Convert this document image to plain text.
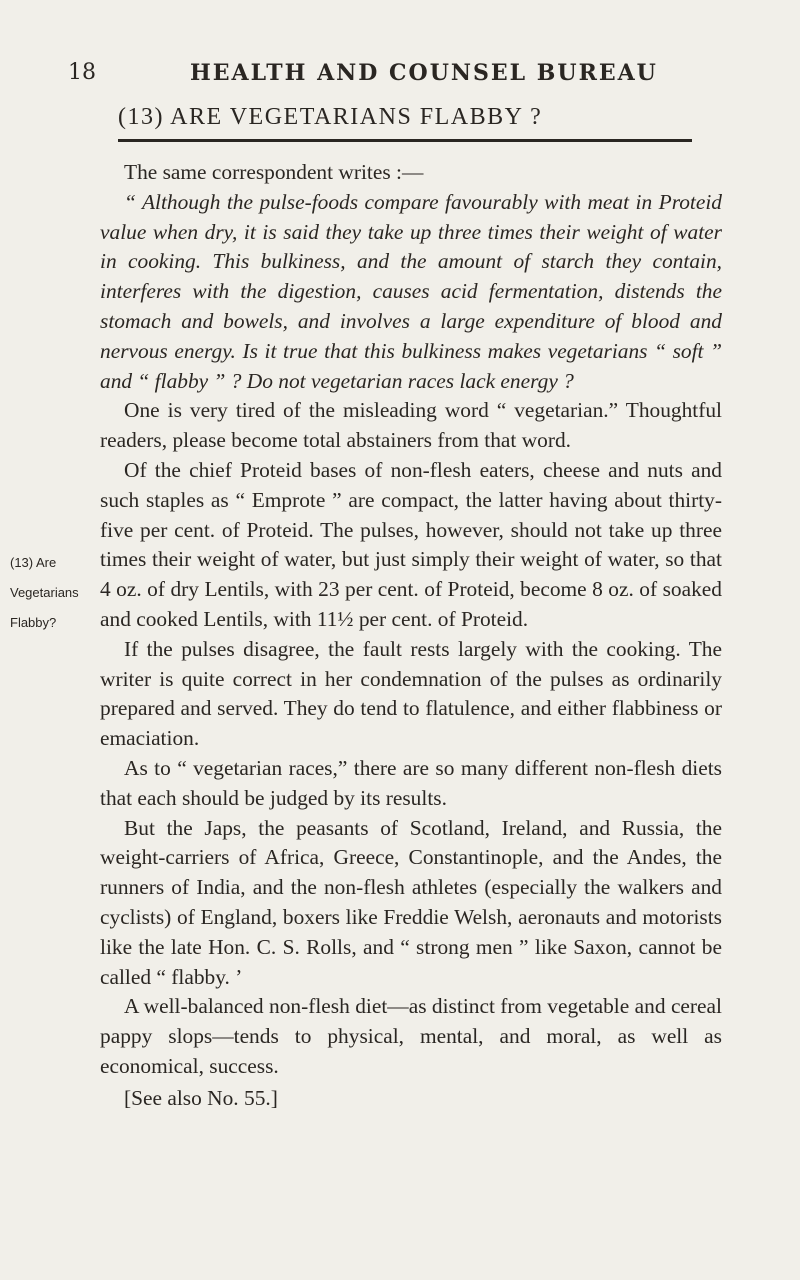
18	HEALTH AND COUNSEL BUREAU
(13) ARE VEGETARIANS FLABBY ?
(13) Are Vegetarians Flabby?

The same correspondent writes :—

“ Although the pulse-foods compare favourably with meat in Proteid value when dry, it is said they take up three times their weight of water in cooking. This bulkiness, and the amount of starch they contain, interferes with the digestion, causes acid fermentation, distends the stomach and bowels, and involves a large expenditure of blood and nervous energy. Is it true that this bulkiness makes vegetarians “ soft ” and “ flabby ” ? Do not vegetarian races lack energy ?

One is very tired of the misleading word “ vegetarian.” Thoughtful readers, please become total abstainers from that word.

Of the chief Proteid bases of non-flesh eaters, cheese and nuts and such staples as “ Emprote ” are compact, the latter having about thirty-five per cent. of Proteid. The pulses, however, should not take up three times their weight of water, but just simply their weight of water, so that 4 oz. of dry Lentils, with 23 per cent. of Proteid, become 8 oz. of soaked and cooked Lentils, with 11½ per cent. of Proteid.

If the pulses disagree, the fault rests largely with the cooking. The writer is quite correct in her condemnation of the pulses as ordinarily prepared and served. They do tend to flatulence, and either flabbiness or emaciation.

As to “ vegetarian races,” there are so many different non-flesh diets that each should be judged by its results.

But the Japs, the peasants of Scotland, Ireland, and Russia, the weight-carriers of Africa, Greece, Constantinople, and the Andes, the runners of India, and the non-flesh athletes (especially the walkers and cyclists) of England, boxers like Freddie Welsh, aeronauts and motorists like the late Hon. C. S. Rolls, and “ strong men ” like Saxon, cannot be called “ flabby. ’

A well-balanced non-flesh diet—as distinct from vegetable and cereal pappy slops—tends to physical, mental, and moral, as well as economical, success.

[See also No. 55.]
